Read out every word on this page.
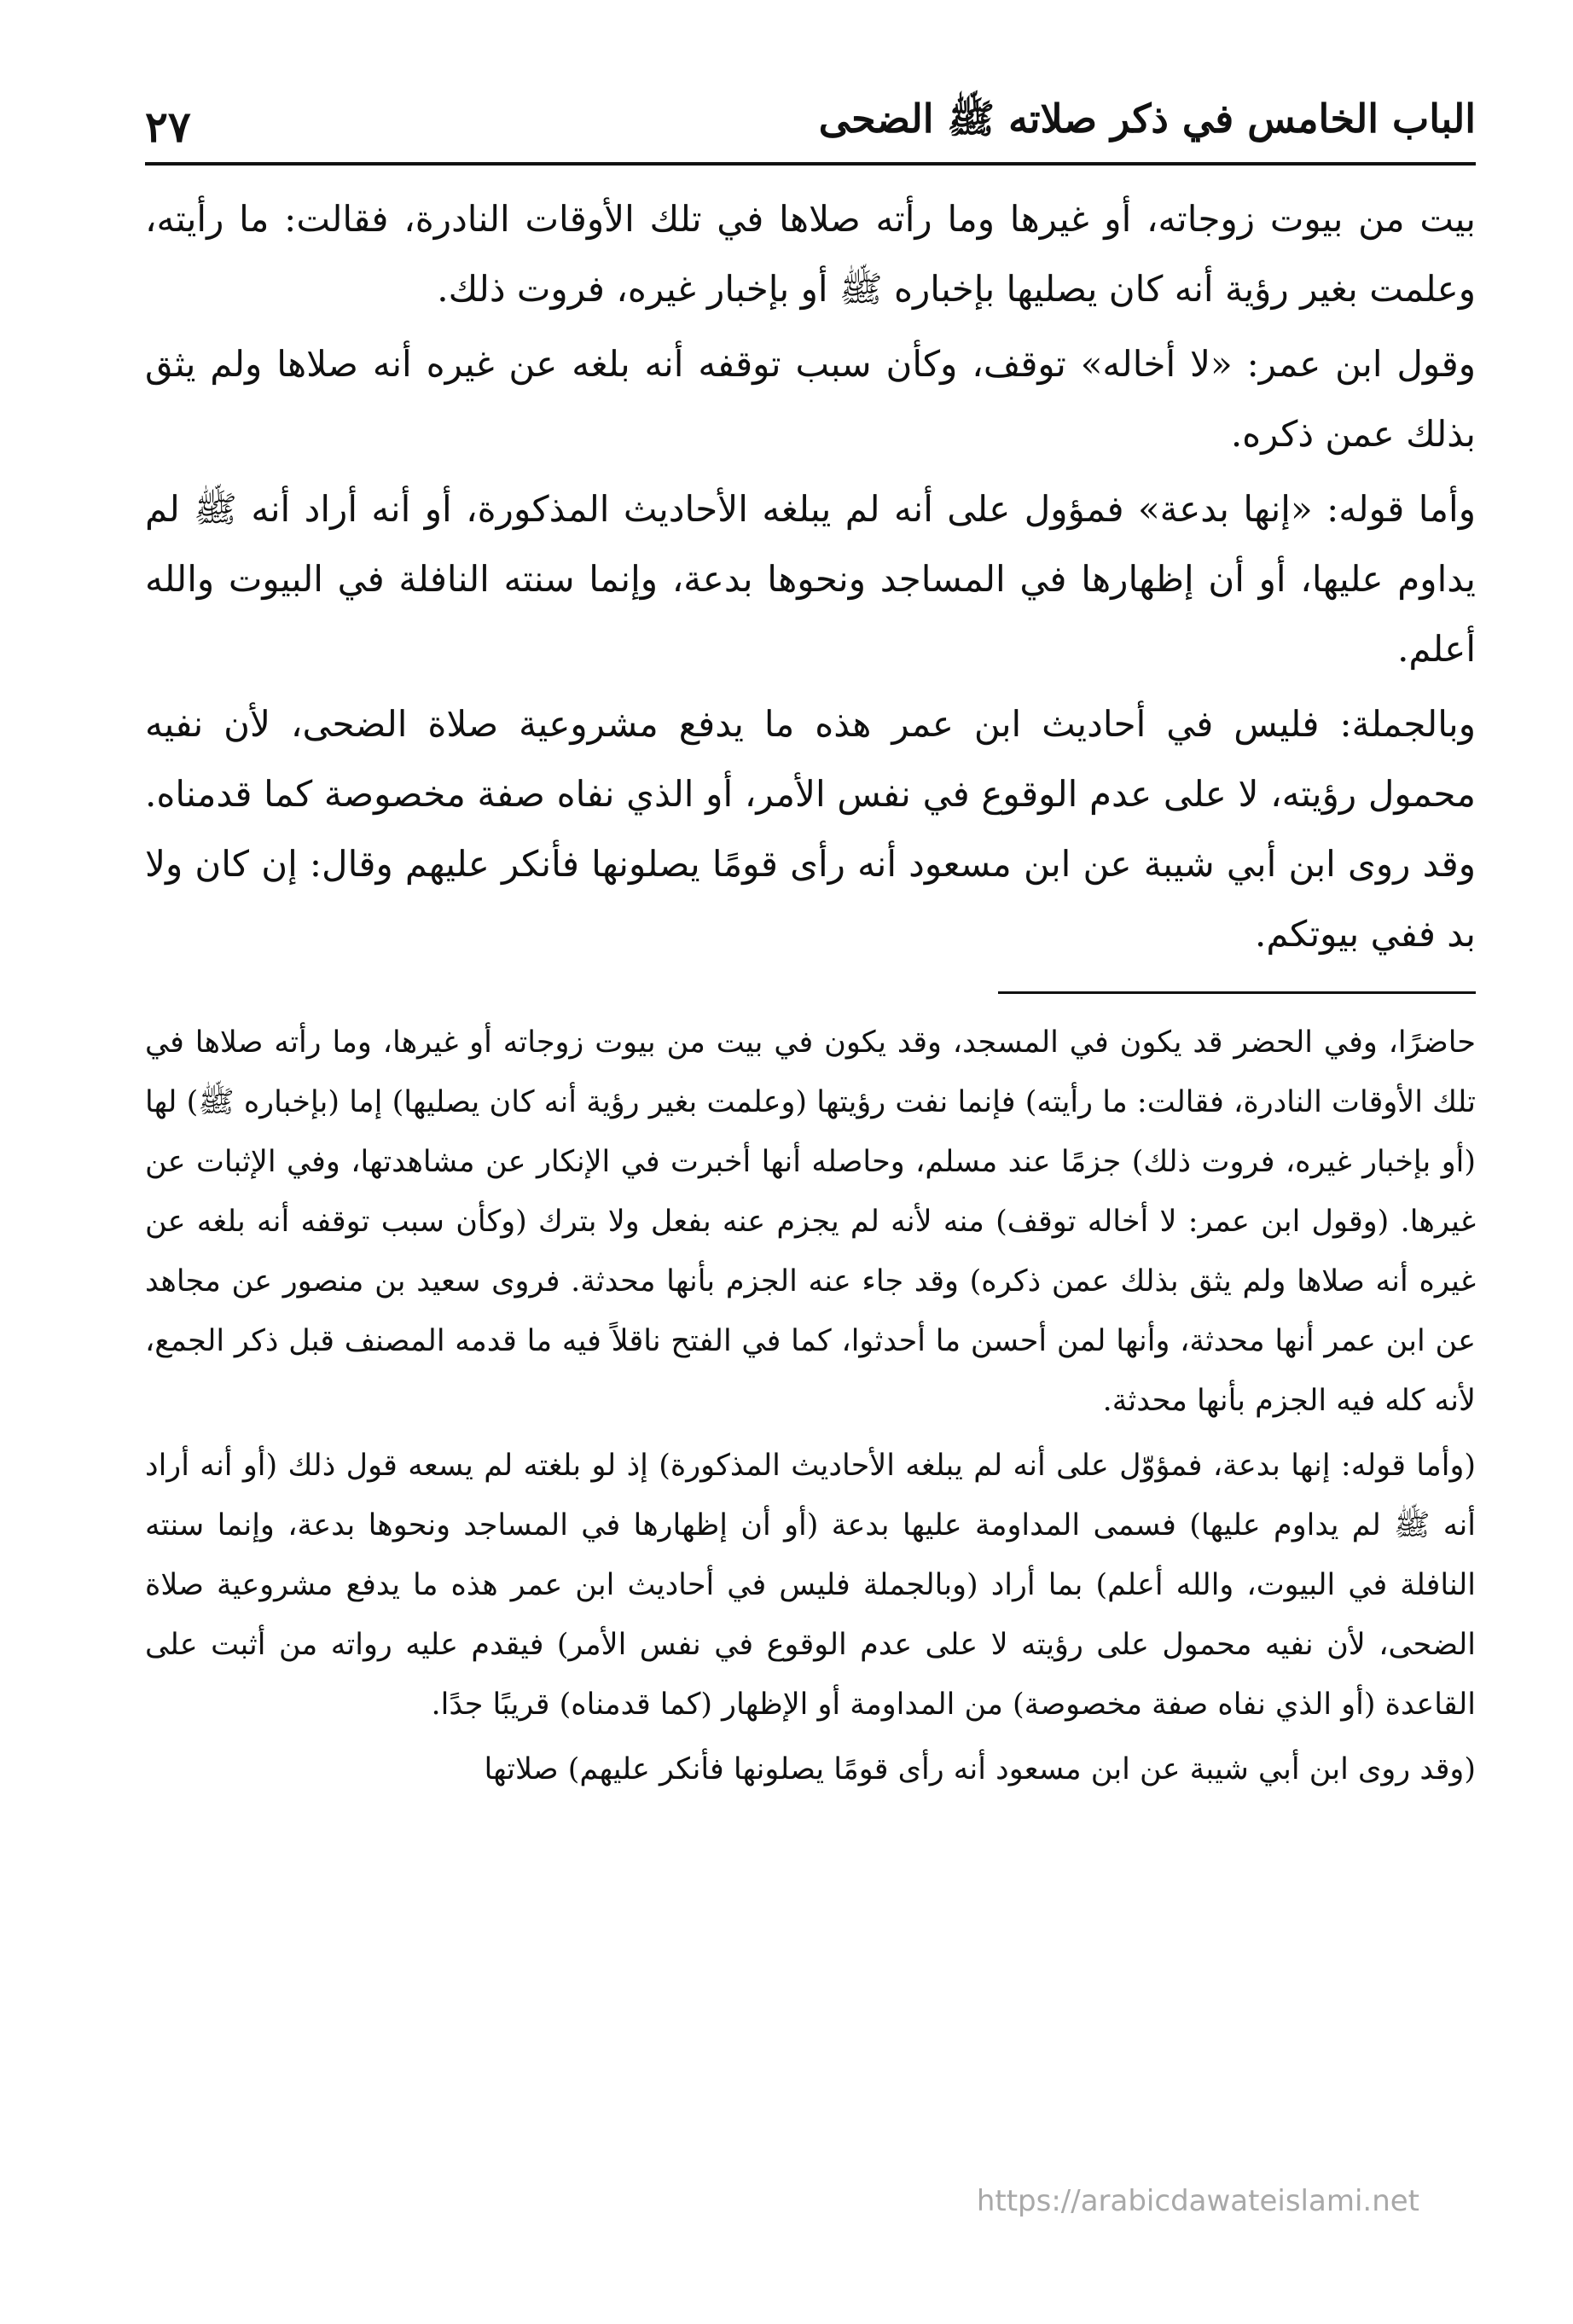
الباب الخامس في ذكر صلاته ﷺ الضحى
٢٧

بيت من بيوت زوجاته، أو غيرها وما رأته صلاها في تلك الأوقات النادرة، فقالت: ما رأيته، وعلمت بغير رؤية أنه كان يصليها بإخباره ﷺ أو بإخبار غيره، فروت ذلك.

وقول ابن عمر: «لا أخاله» توقف، وكأن سبب توقفه أنه بلغه عن غيره أنه صلاها ولم يثق بذلك عمن ذكره.

وأما قوله: «إنها بدعة» فمؤول على أنه لم يبلغه الأحاديث المذكورة، أو أنه أراد أنه ﷺ لم يداوم عليها، أو أن إظهارها في المساجد ونحوها بدعة، وإنما سنته النافلة في البيوت والله أعلم.

وبالجملة: فليس في أحاديث ابن عمر هذه ما يدفع مشروعية صلاة الضحى، لأن نفيه محمول رؤيته، لا على عدم الوقوع في نفس الأمر، أو الذي نفاه صفة مخصوصة كما قدمناه. وقد روى ابن أبي شيبة عن ابن مسعود أنه رأى قومًا يصلونها فأنكر عليهم وقال: إن كان ولا بد ففي بيوتكم.

حاضرًا، وفي الحضر قد يكون في المسجد، وقد يكون في بيت من بيوت زوجاته أو غيرها، وما رأته صلاها في تلك الأوقات النادرة، فقالت: ما رأيته) فإنما نفت رؤيتها (وعلمت بغير رؤية أنه كان يصليها) إما (بإخباره ﷺ) لها (أو بإخبار غيره، فروت ذلك) جزمًا عند مسلم، وحاصله أنها أخبرت في الإنكار عن مشاهدتها، وفي الإثبات عن غيرها. (وقول ابن عمر: لا أخاله توقف) منه لأنه لم يجزم عنه بفعل ولا بترك (وكأن سبب توقفه أنه بلغه عن غيره أنه صلاها ولم يثق بذلك عمن ذكره) وقد جاء عنه الجزم بأنها محدثة. فروى سعيد بن منصور عن مجاهد عن ابن عمر أنها محدثة، وأنها لمن أحسن ما أحدثوا، كما في الفتح ناقلاً فيه ما قدمه المصنف قبل ذكر الجمع، لأنه كله فيه الجزم بأنها محدثة.

(وأما قوله: إنها بدعة، فمؤوّل على أنه لم يبلغه الأحاديث المذكورة) إذ لو بلغته لم يسعه قول ذلك (أو أنه أراد أنه ﷺ لم يداوم عليها) فسمى المداومة عليها بدعة (أو أن إظهارها في المساجد ونحوها بدعة، وإنما سنته النافلة في البيوت، والله أعلم) بما أراد (وبالجملة فليس في أحاديث ابن عمر هذه ما يدفع مشروعية صلاة الضحى، لأن نفيه محمول على رؤيته لا على عدم الوقوع في نفس الأمر) فيقدم عليه رواته من أثبت على القاعدة (أو الذي نفاه صفة مخصوصة) من المداومة أو الإظهار (كما قدمناه) قريبًا جدًا.

(وقد روى ابن أبي شيبة عن ابن مسعود أنه رأى قومًا يصلونها فأنكر عليهم) صلاتها

https://arabicdawateislami.net
